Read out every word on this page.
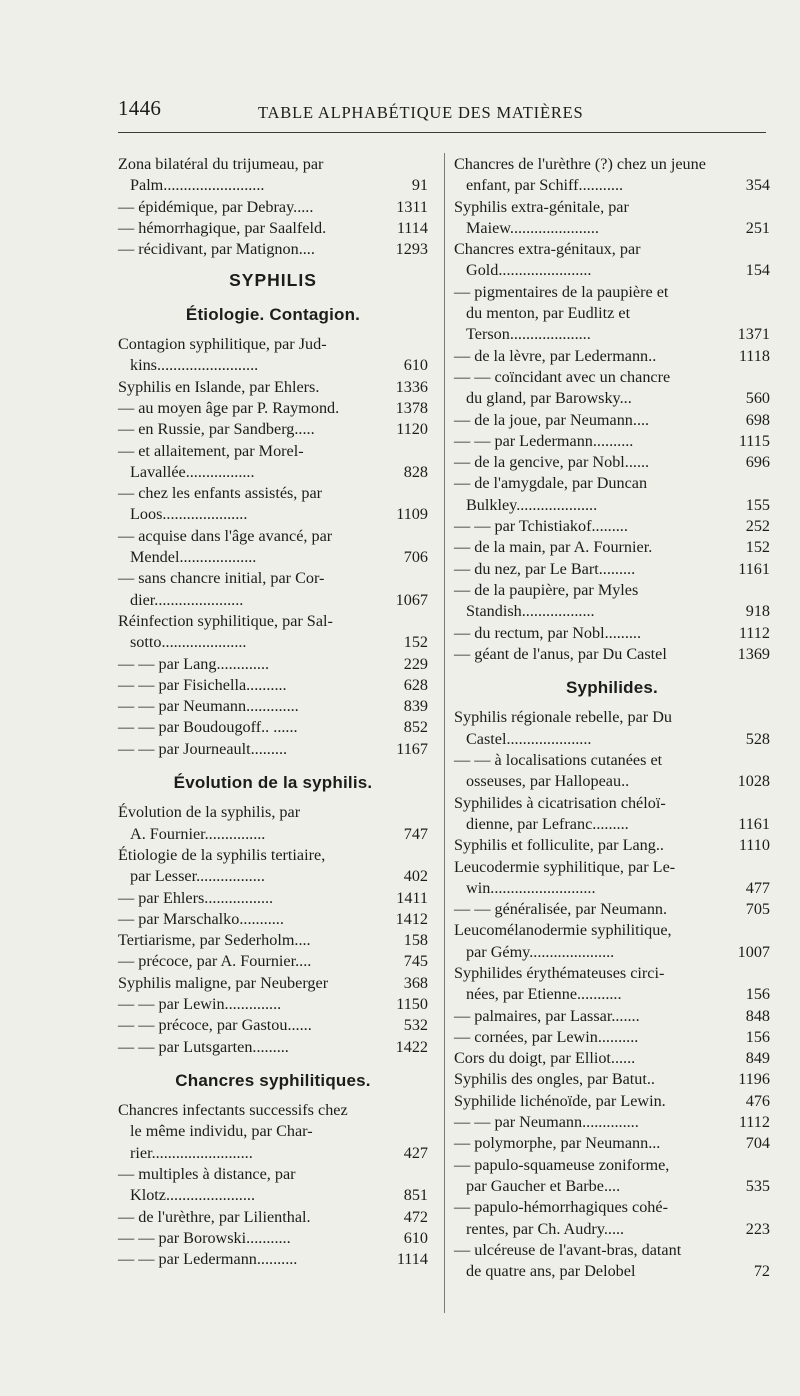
1446	TABLE ALPHABÉTIQUE DES MATIÈRES
Zona bilatéral du trijumeau, par
Palm.........................	91
— épidémique, par Debray.....	1311
— hémorrhagique, par Saalfeld.	1114
— récidivant, par Matignon....	1293
SYPHILIS
Étiologie. Contagion.
Contagion syphilitique, par Jud-
kins.........................	610
Syphilis en Islande, par Ehlers.	1336
— au moyen âge par P. Raymond.	1378
— en Russie, par Sandberg.....	1120
— et allaitement, par Morel-
Lavallée.................	828
— chez les enfants assistés, par
Loos.....................	1109
— acquise dans l'âge avancé, par
Mendel...................	706
— sans chancre initial, par Cor-
dier......................	1067
Réinfection syphilitique, par Sal-
sotto.....................	152
— — par Lang.............	229
— — par Fisichella..........	628
— — par Neumann.............	839
— — par Boudougoff.. ......	852
— — par Journeault.........	1167
Évolution de la syphilis.
Évolution de la syphilis, par
A. Fournier...............	747
Étiologie de la syphilis tertiaire,
par Lesser.................	402
— par Ehlers.................	1411
— par Marschalko...........	1412
Tertiarisme, par Sederholm....	158
— précoce, par A. Fournier....	745
Syphilis maligne, par Neuberger	368
— — par Lewin..............	1150
— — précoce, par Gastou......	532
— — par Lutsgarten.........	1422
Chancres syphilitiques.
Chancres infectants successifs chez
le même individu, par Char-
rier.........................	427
— multiples à distance, par
Klotz......................	851
— de l'urèthre, par Lilienthal.	472
— — par Borowski...........	610
— — par Ledermann..........	1114
Chancres de l'urèthre (?) chez un jeune
enfant, par Schiff...........	354
Syphilis extra-génitale, par
Maiew......................	251
Chancres extra-génitaux, par
Gold.......................	154
— pigmentaires de la paupière et
du menton, par Eudlitz et
Terson....................	1371
— de la lèvre, par Ledermann..	1118
— — coïncidant avec un chancre
du gland, par Barowsky...	560
— de la joue, par Neumann....	698
— — par Ledermann..........	1115
— de la gencive, par Nobl......	696
— de l'amygdale, par Duncan
Bulkley....................	155
— — par Tchistiakof.........	252
— de la main, par A. Fournier.	152
— du nez, par Le Bart.........	1161
— de la paupière, par Myles
Standish..................	918
— du rectum, par Nobl.........	1112
— géant de l'anus, par Du Castel	1369
Syphilides.
Syphilis régionale rebelle, par Du
Castel.....................	528
— — à localisations cutanées et
osseuses, par Hallopeau..	1028
Syphilides à cicatrisation chéloï-
dienne, par Lefranc.........	1161
Syphilis et folliculite, par Lang..	1110
Leucodermie syphilitique, par Le-
win..........................	477
— — généralisée, par Neumann.	705
Leucomélanodermie syphilitique,
par Gémy.....................	1007
Syphilides érythémateuses circi-
nées, par Etienne...........	156
— palmaires, par Lassar.......	848
— cornées, par Lewin..........	156
Cors du doigt, par Elliot......	849
Syphilis des ongles, par Batut..	1196
Syphilide lichénoïde, par Lewin.	476
— — par Neumann..............	1112
— polymorphe, par Neumann...	704
— papulo-squameuse zoniforme,
par Gaucher et Barbe....	535
— papulo-hémorrhagiques cohé-
rentes, par Ch. Audry.....	223
— ulcéreuse de l'avant-bras, datant
de quatre ans, par Delobel	72
